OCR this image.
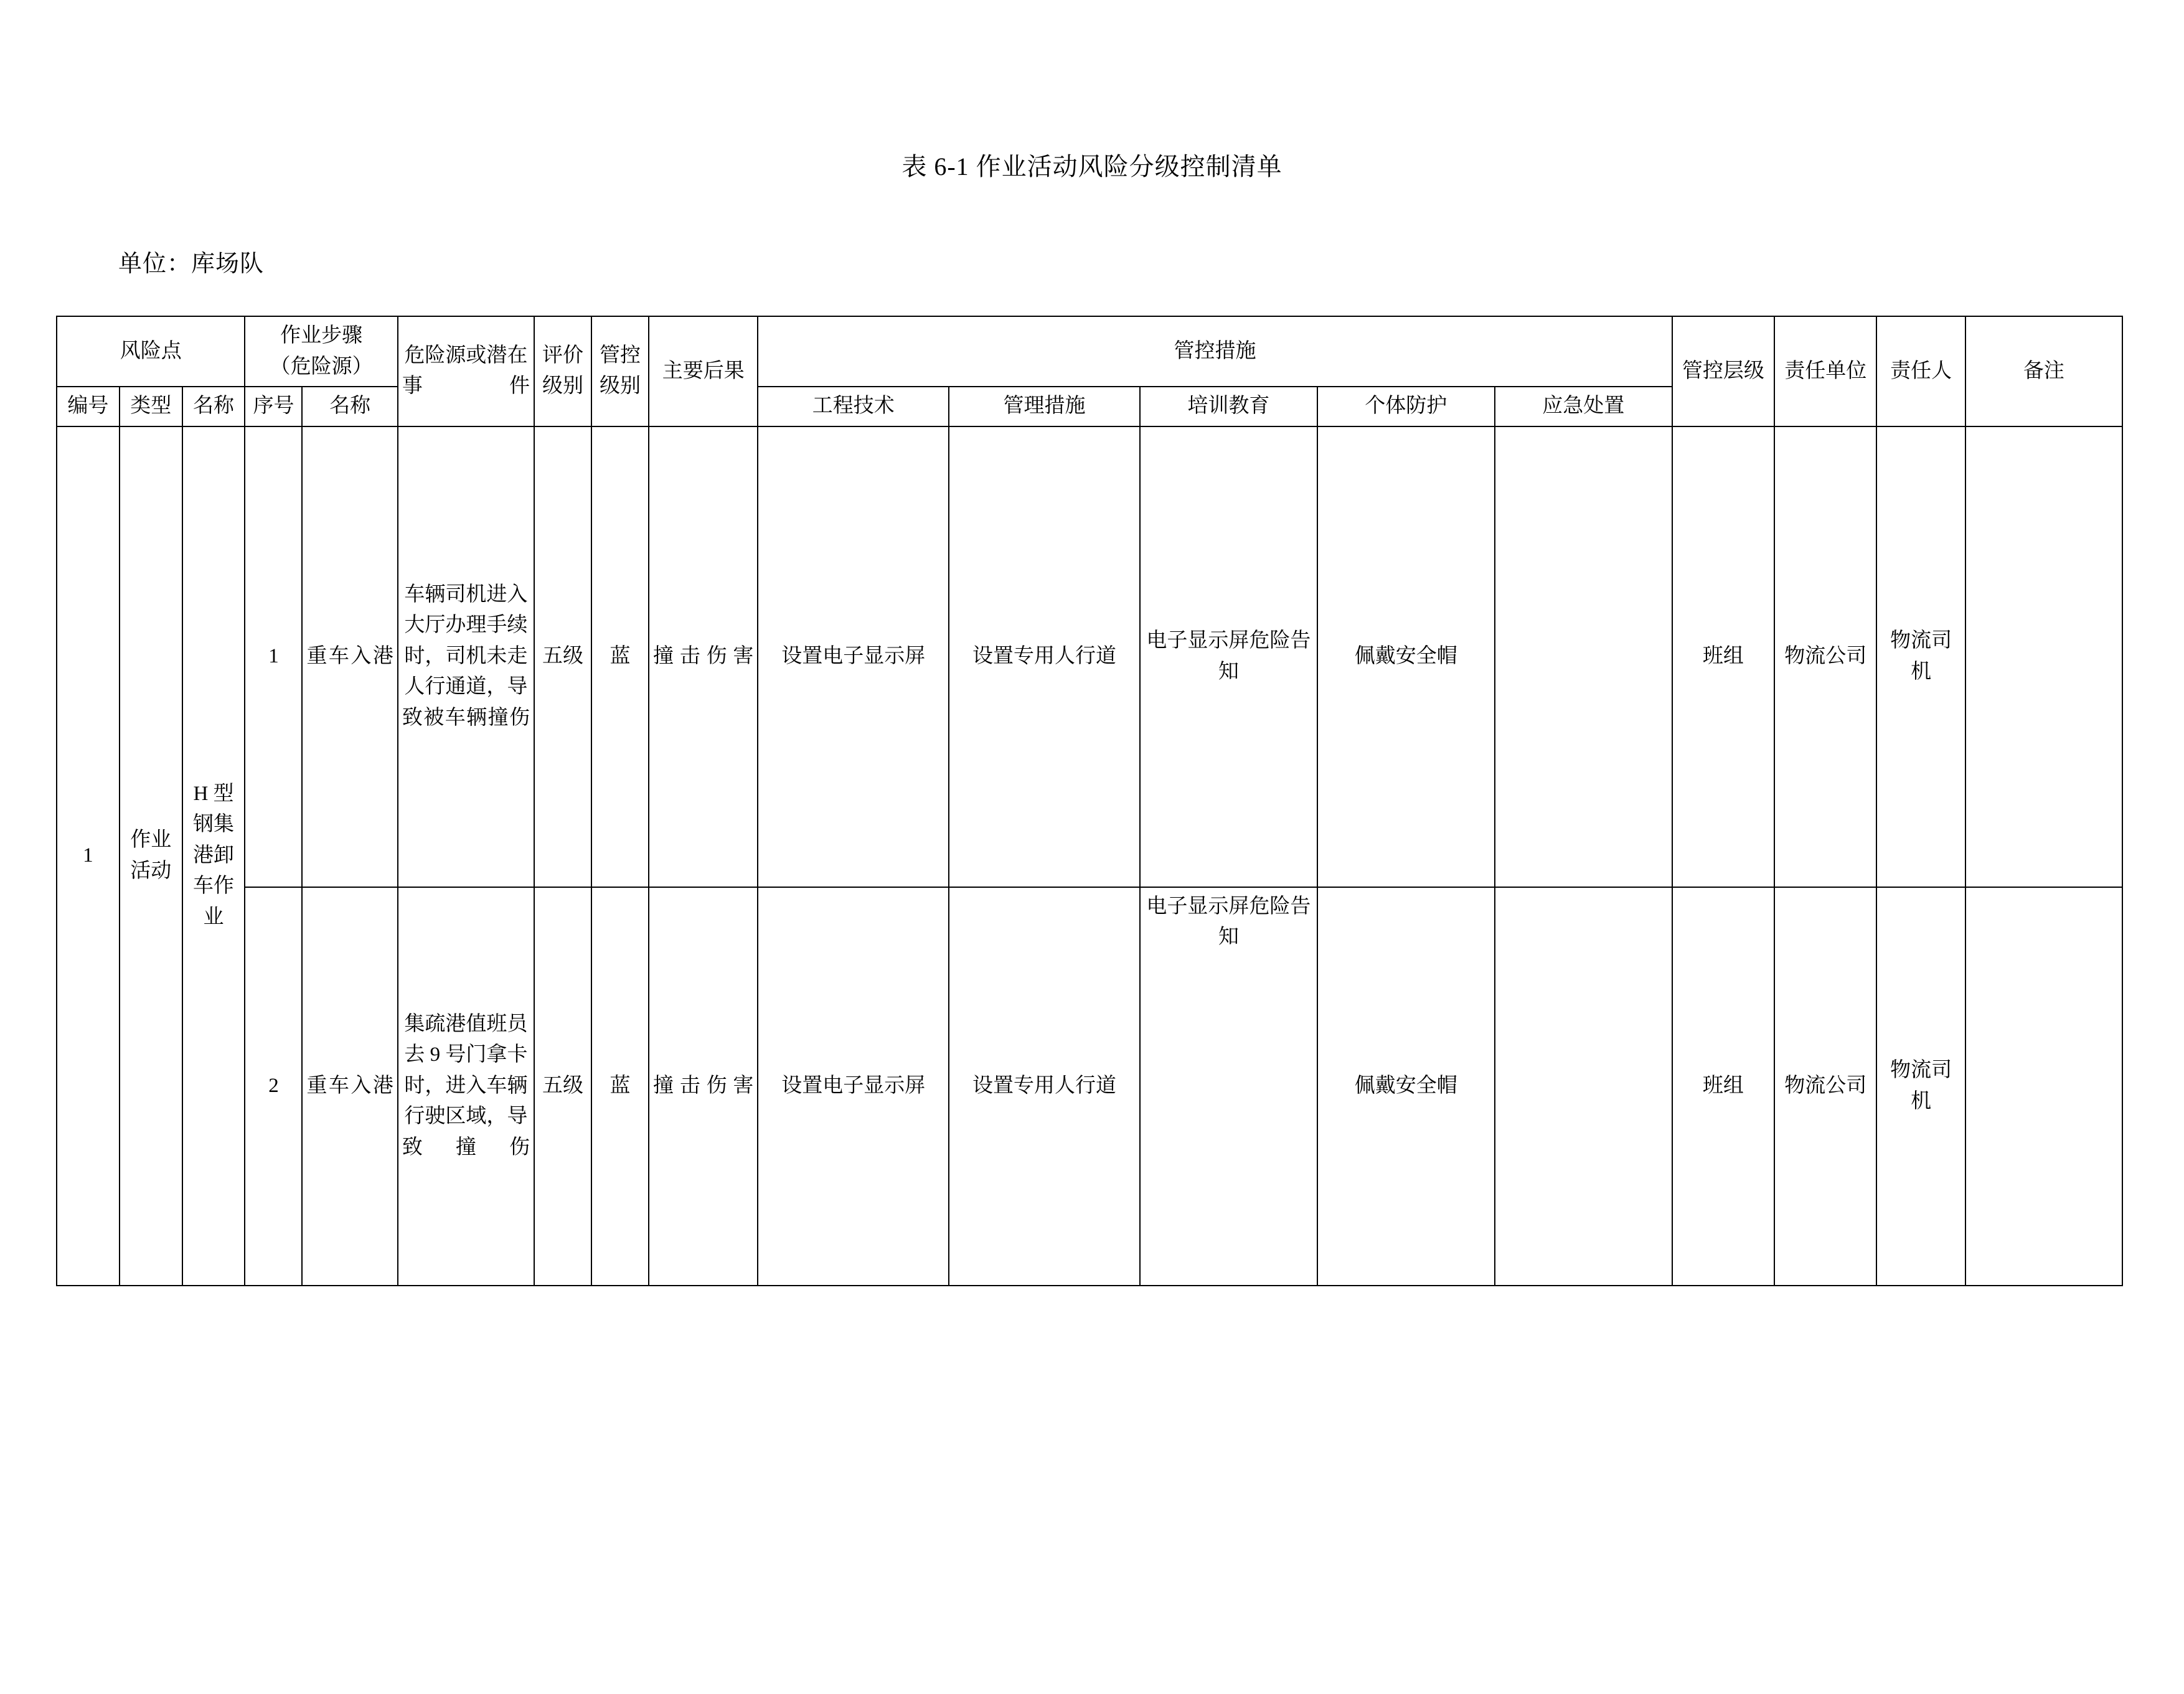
表 6-1 作业活动风险分级控制清单
单位：库场队
风险点			作业步骤
（危险源）		危险源或潜在事件	评价级别	管控级别	主要后果	管控措施					管控层级	责任单位	责任人	备注
编号	类型	名称	序号	名称					工程技术	管理措施	培训教育	个体防护	应急处置				
1	作业活动	H 型钢集港卸车作业	1	重车入港	车辆司机进入大厅办理手续时，司机未走人行通道，导致被车辆撞伤	五级	蓝	撞击伤害	设置电子显示屏	设置专用人行道	电子显示屏危险告知	佩戴安全帽		班组	物流公司	物流司机	
			2	重车入港	集疏港值班员去 9 号门拿卡时，进入车辆行驶区域，导致撞伤	五级	蓝	撞击伤害	设置电子显示屏	设置专用人行道	电子显示屏危险告知	佩戴安全帽		班组	物流公司	物流司机	
